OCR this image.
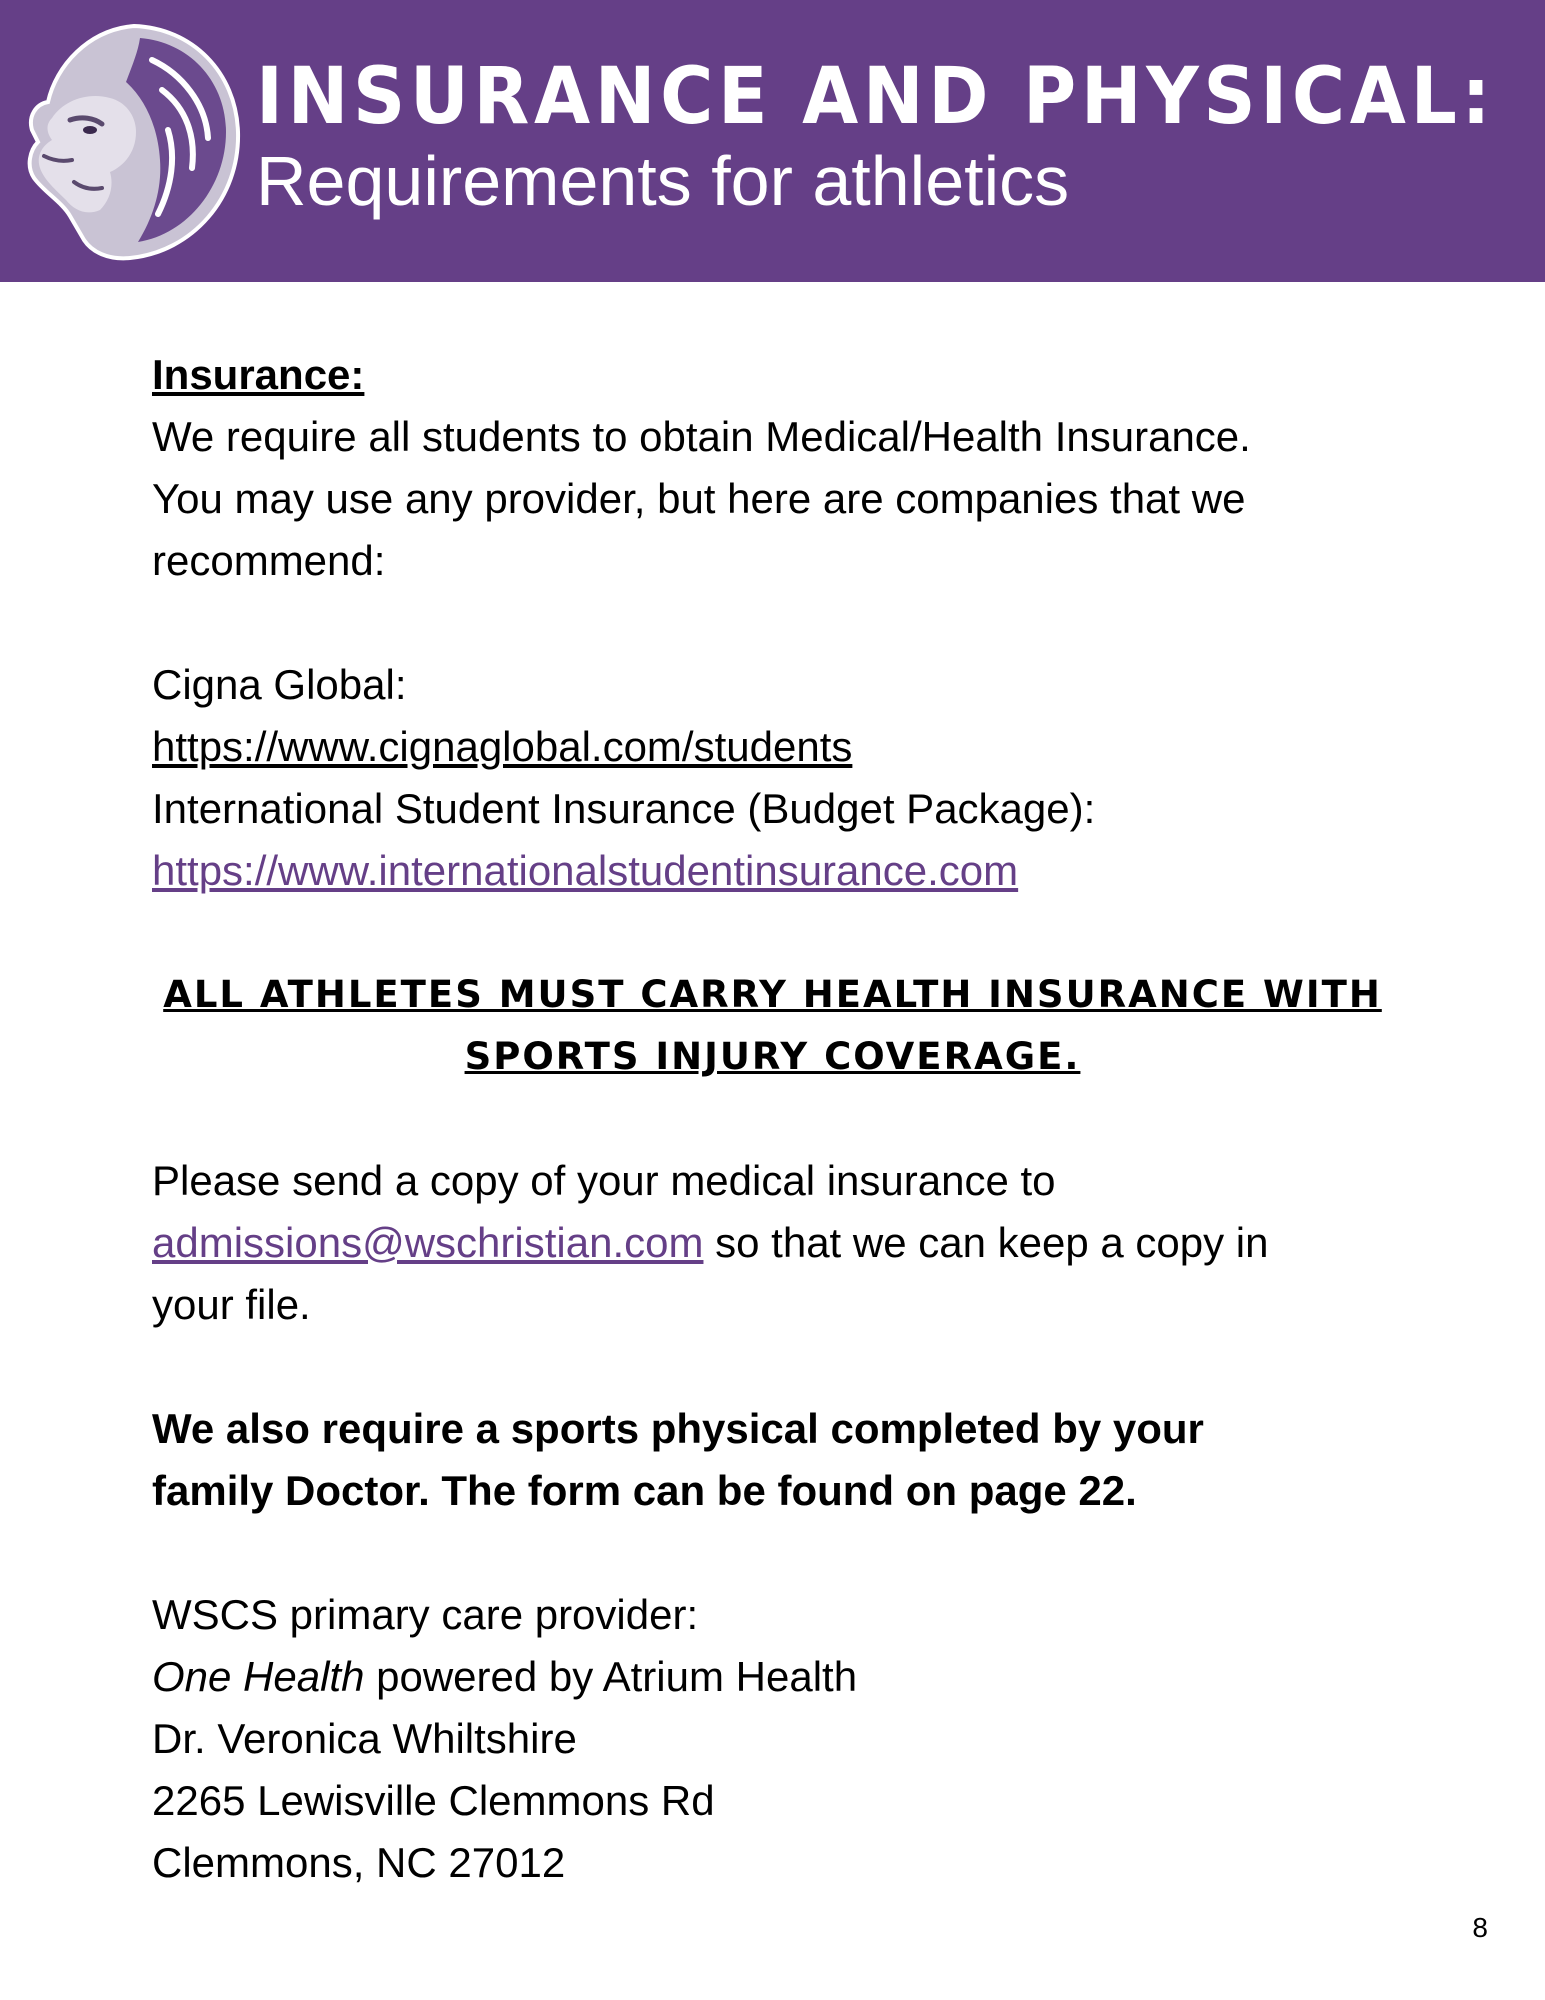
INSURANCE AND PHYSICAL:
Requirements for athletics
Insurance:
We require all students to obtain Medical/Health Insurance.
You may use any provider, but here are companies that we
recommend:
Cigna Global:
https://www.cignaglobal.com/students
International Student Insurance (Budget Package):
https://www.internationalstudentinsurance.com
ALL ATHLETES MUST CARRY HEALTH INSURANCE WITH
SPORTS INJURY COVERAGE.
Please send a copy of your medical insurance to
admissions@wschristian.com so that we can keep a copy in
your file.
We also require a sports physical completed by your
family Doctor. The form can be found on page 22.
WSCS primary care provider:
One Health powered by Atrium Health
Dr. Veronica Whiltshire
2265 Lewisville Clemmons Rd
Clemmons, NC 27012
8
